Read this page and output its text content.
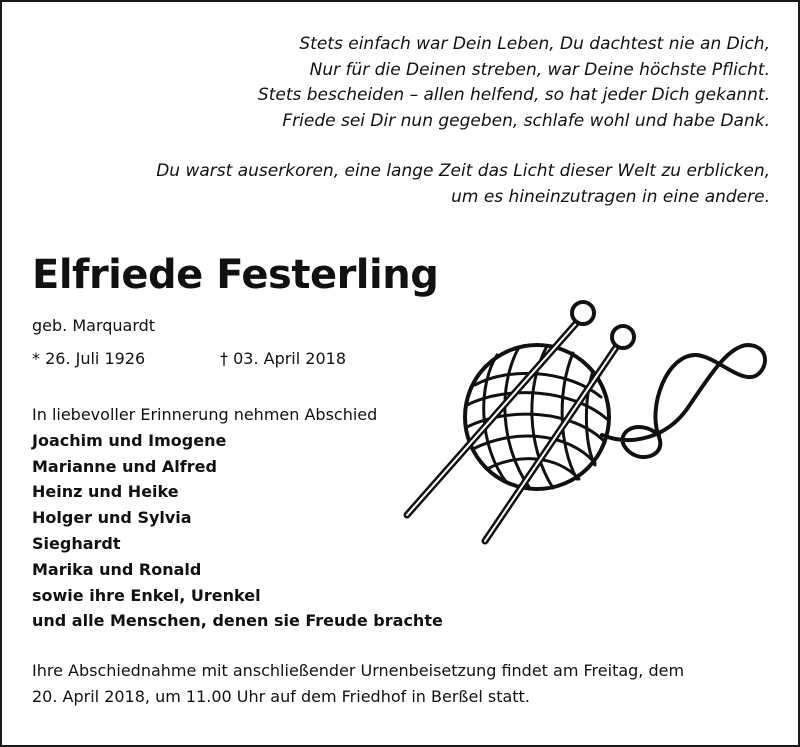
Stets einfach war Dein Leben, Du dachtest nie an Dich,
Nur für die Deinen streben, war Deine höchste Pflicht.
Stets bescheiden – allen helfend, so hat jeder Dich gekannt.
Friede sei Dir nun gegeben, schlafe wohl und habe Dank.
Du warst auserkoren, eine lange Zeit das Licht dieser Welt zu erblicken,
um es hineinzutragen in eine andere.
Elfriede Festerling
geb. Marquardt
* 26. Juli 1926	† 03. April 2018
In liebevoller Erinnerung nehmen Abschied
Joachim und Imogene
Marianne und Alfred
Heinz und Heike
Holger und Sylvia
Sieghardt
Marika und Ronald
sowie ihre Enkel, Urenkel
und alle Menschen, denen sie Freude brachte
Ihre Abschiednahme mit anschließender Urnenbeisetzung findet am Freitag, dem
20. April 2018, um 11.00 Uhr auf dem Friedhof in Berßel statt.
